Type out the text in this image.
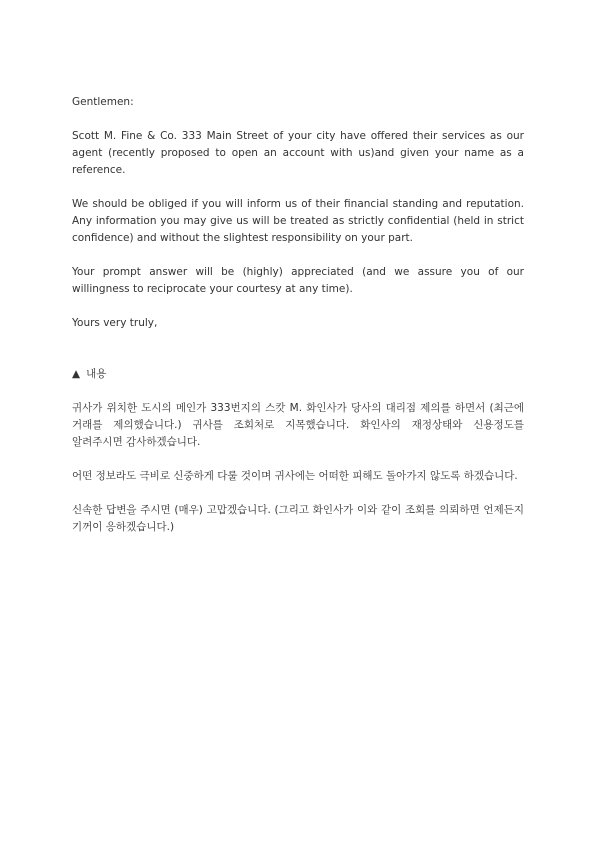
Gentlemen:

Scott M. Fine & Co. 333 Main Street of your city have offered their services as our agent (recently proposed to open an account with us)and given your name as a reference.

We should be obliged if you will inform us of their financial standing and reputation. Any information you may give us will be treated as strictly confidential (held in strict confidence) and without the slightest responsibility on your part.

Your prompt answer will be (highly) appreciated (and we assure you of our willingness to reciprocate your courtesy at any time).

Yours very truly,

▲ 내용

귀사가 위치한 도시의 메인가 333번지의 스캇 M. 화인사가 당사의 대리점 제의를 하면서 (최근에 거래를 제의했습니다.) 귀사를 조회처로 지목했습니다. 화인사의 재정상태와 신용정도를 알려주시면 감사하겠습니다.

어떤 정보라도 극비로 신중하게 다룰 것이며 귀사에는 어떠한 피해도 돌아가지 않도록 하겠습니다.

신속한 답변을 주시면 (매우) 고맙겠습니다. (그리고 화인사가 이와 같이 조회를 의뢰하면 언제든지 기꺼이 응하겠습니다.)
